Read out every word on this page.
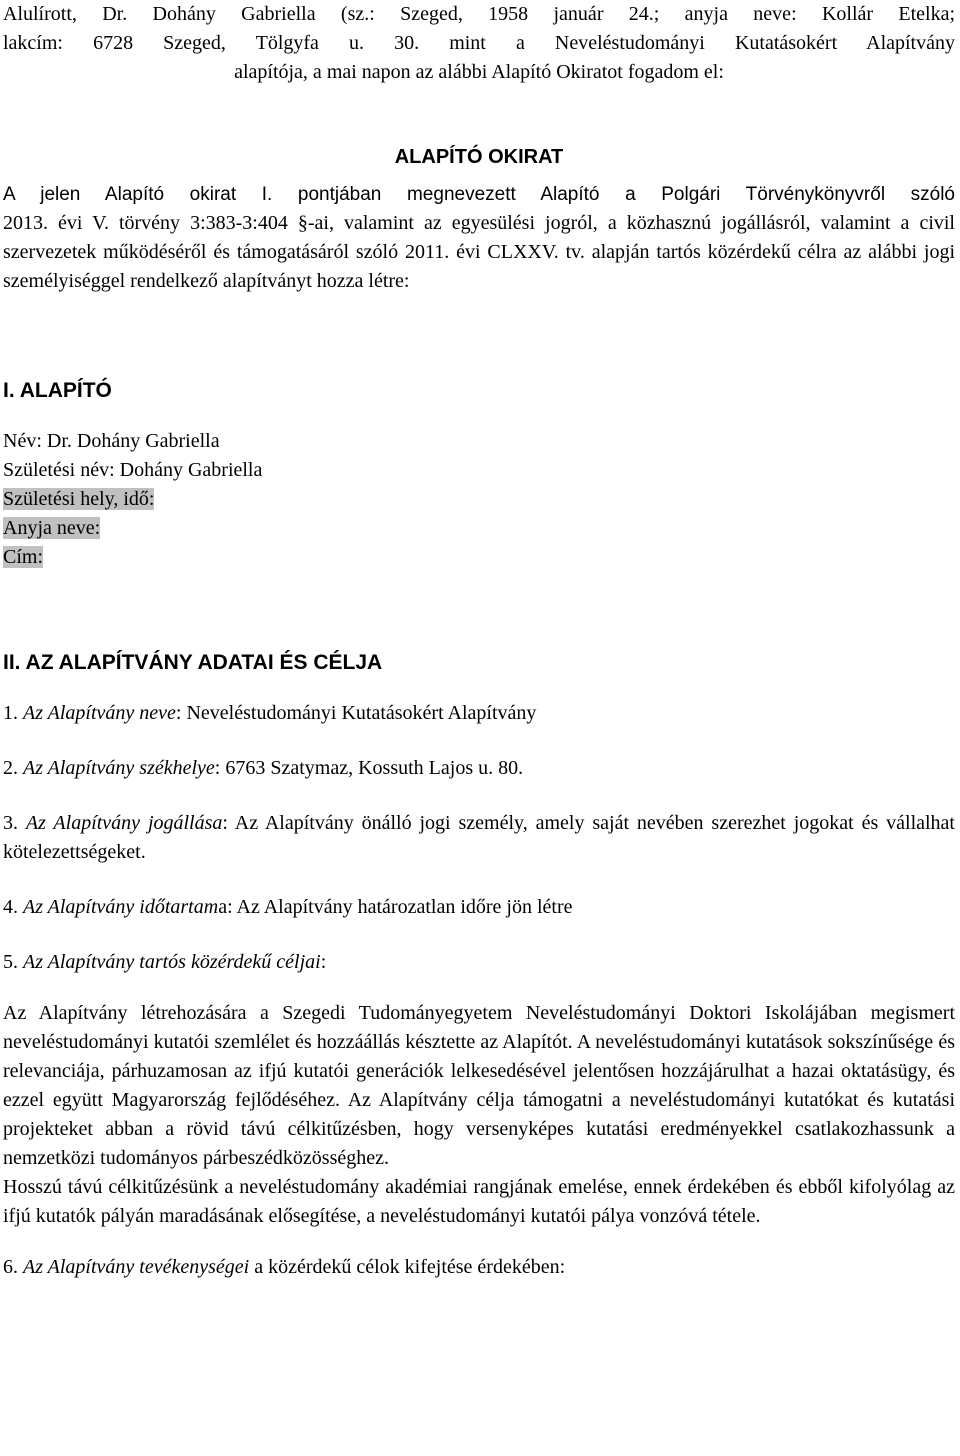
Alulírott, Dr. Dohány Gabriella (sz.: Szeged, 1958 január 24.; anyja neve: Kollár Etelka;

lakcím: 6728 Szeged, Tölgyfa u. 30. mint a Neveléstudományi Kutatásokért Alapítvány

alapítója, a mai napon az alábbi Alapító Okiratot fogadom el:

ALAPÍTÓ OKIRAT

A jelen Alapító okirat I. pontjában megnevezett Alapító a Polgári Törvénykönyvről szóló

2013. évi V. törvény 3:383-3:404 §-ai, valamint az egyesülési jogról, a közhasznú jogállásról, valamint a civil szervezetek működéséről és támogatásáról szóló 2011. évi CLXXV. tv. alapján tartós közérdekű célra az alábbi jogi személyiséggel rendelkező alapítványt hozza létre:

I. ALAPÍTÓ

Név: Dr. Dohány Gabriella

Születési név: Dohány Gabriella

Születési hely, idő:

Anyja neve:

Cím:

II. AZ ALAPÍTVÁNY ADATAI ÉS CÉLJA

1. Az Alapítvány neve: Neveléstudományi Kutatásokért Alapítvány

2. Az Alapítvány székhelye: 6763 Szatymaz, Kossuth Lajos u. 80.

3. Az Alapítvány jogállása: Az Alapítvány önálló jogi személy, amely saját nevében szerezhet jogokat és vállalhat kötelezettségeket.

4. Az Alapítvány időtartama: Az Alapítvány határozatlan időre jön létre

5. Az Alapítvány tartós közérdekű céljai:

Az Alapítvány létrehozására a Szegedi Tudományegyetem Neveléstudományi Doktori Iskolájában megismert neveléstudományi kutatói szemlélet és hozzáállás késztette az Alapítót. A neveléstudományi kutatások sokszínűsége és relevanciája, párhuzamosan az ifjú kutatói generációk lelkesedésével jelentősen hozzájárulhat a hazai oktatásügy, és ezzel együtt Magyarország fejlődéséhez. Az Alapítvány célja támogatni a neveléstudományi kutatókat és kutatási projekteket abban a rövid távú célkitűzésben, hogy versenyképes kutatási eredményekkel csatlakozhassunk a nemzetközi tudományos párbeszédközösséghez.

Hosszú távú célkitűzésünk a neveléstudomány akadémiai rangjának emelése, ennek érdekében és ebből kifolyólag az ifjú kutatók pályán maradásának elősegítése, a neveléstudományi kutatói pálya vonzóvá tétele.

6. Az Alapítvány tevékenységei a közérdekű célok kifejtése érdekében:
